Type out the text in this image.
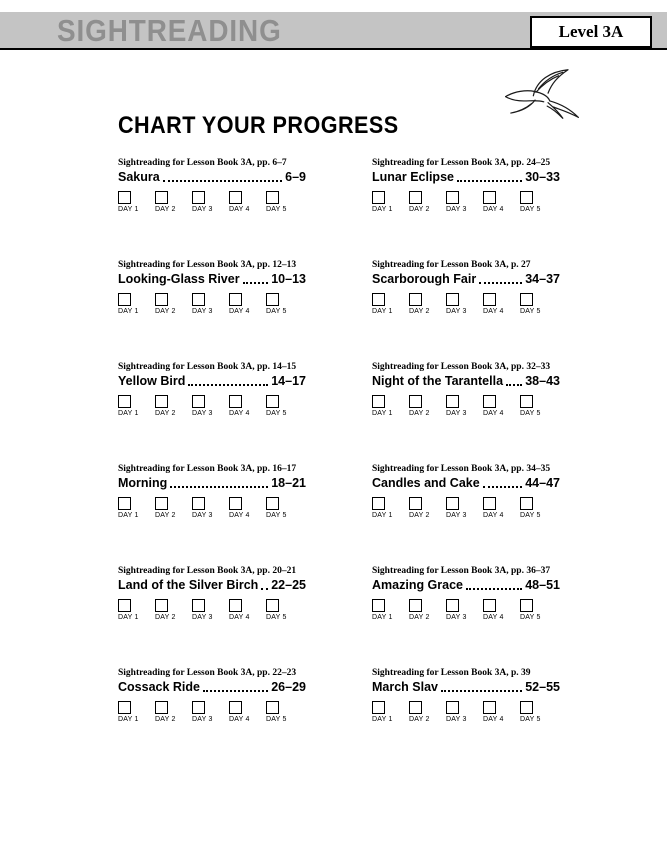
SIGHTREADING	Level 3A
CHART YOUR PROGRESS
Sightreading for Lesson Book 3A, pp. 6–7
Sakura	6–9
DAY 1	DAY 2	DAY 3	DAY 4	DAY 5
Sightreading for Lesson Book 3A, pp. 12–13
Looking-Glass River	10–13
DAY 1	DAY 2	DAY 3	DAY 4	DAY 5
Sightreading for Lesson Book 3A, pp. 14–15
Yellow Bird	14–17
DAY 1	DAY 2	DAY 3	DAY 4	DAY 5
Sightreading for Lesson Book 3A, pp. 16–17
Morning	18–21
DAY 1	DAY 2	DAY 3	DAY 4	DAY 5
Sightreading for Lesson Book 3A, pp. 20–21
Land of the Silver Birch 22–25
DAY 1	DAY 2	DAY 3	DAY 4	DAY 5
Sightreading for Lesson Book 3A, pp. 22–23
Cossack Ride	26–29
DAY 1	DAY 2	DAY 3	DAY 4	DAY 5
Sightreading for Lesson Book 3A, pp. 24–25
Lunar Eclipse	30–33
DAY 1	DAY 2	DAY 3	DAY 4	DAY 5
Sightreading for Lesson Book 3A, p. 27
Scarborough Fair	34–37
DAY 1	DAY 2	DAY 3	DAY 4	DAY 5
Sightreading for Lesson Book 3A, pp. 32–33
Night of the Tarantella 38–43
DAY 1	DAY 2	DAY 3	DAY 4	DAY 5
Sightreading for Lesson Book 3A, pp. 34–35
Candles and Cake	44–47
DAY 1	DAY 2	DAY 3	DAY 4	DAY 5
Sightreading for Lesson Book 3A, pp. 36–37
Amazing Grace	48–51
DAY 1	DAY 2	DAY 3	DAY 4	DAY 5
Sightreading for Lesson Book 3A, p. 39
March Slav	52–55
DAY 1	DAY 2	DAY 3	DAY 4	DAY 5
